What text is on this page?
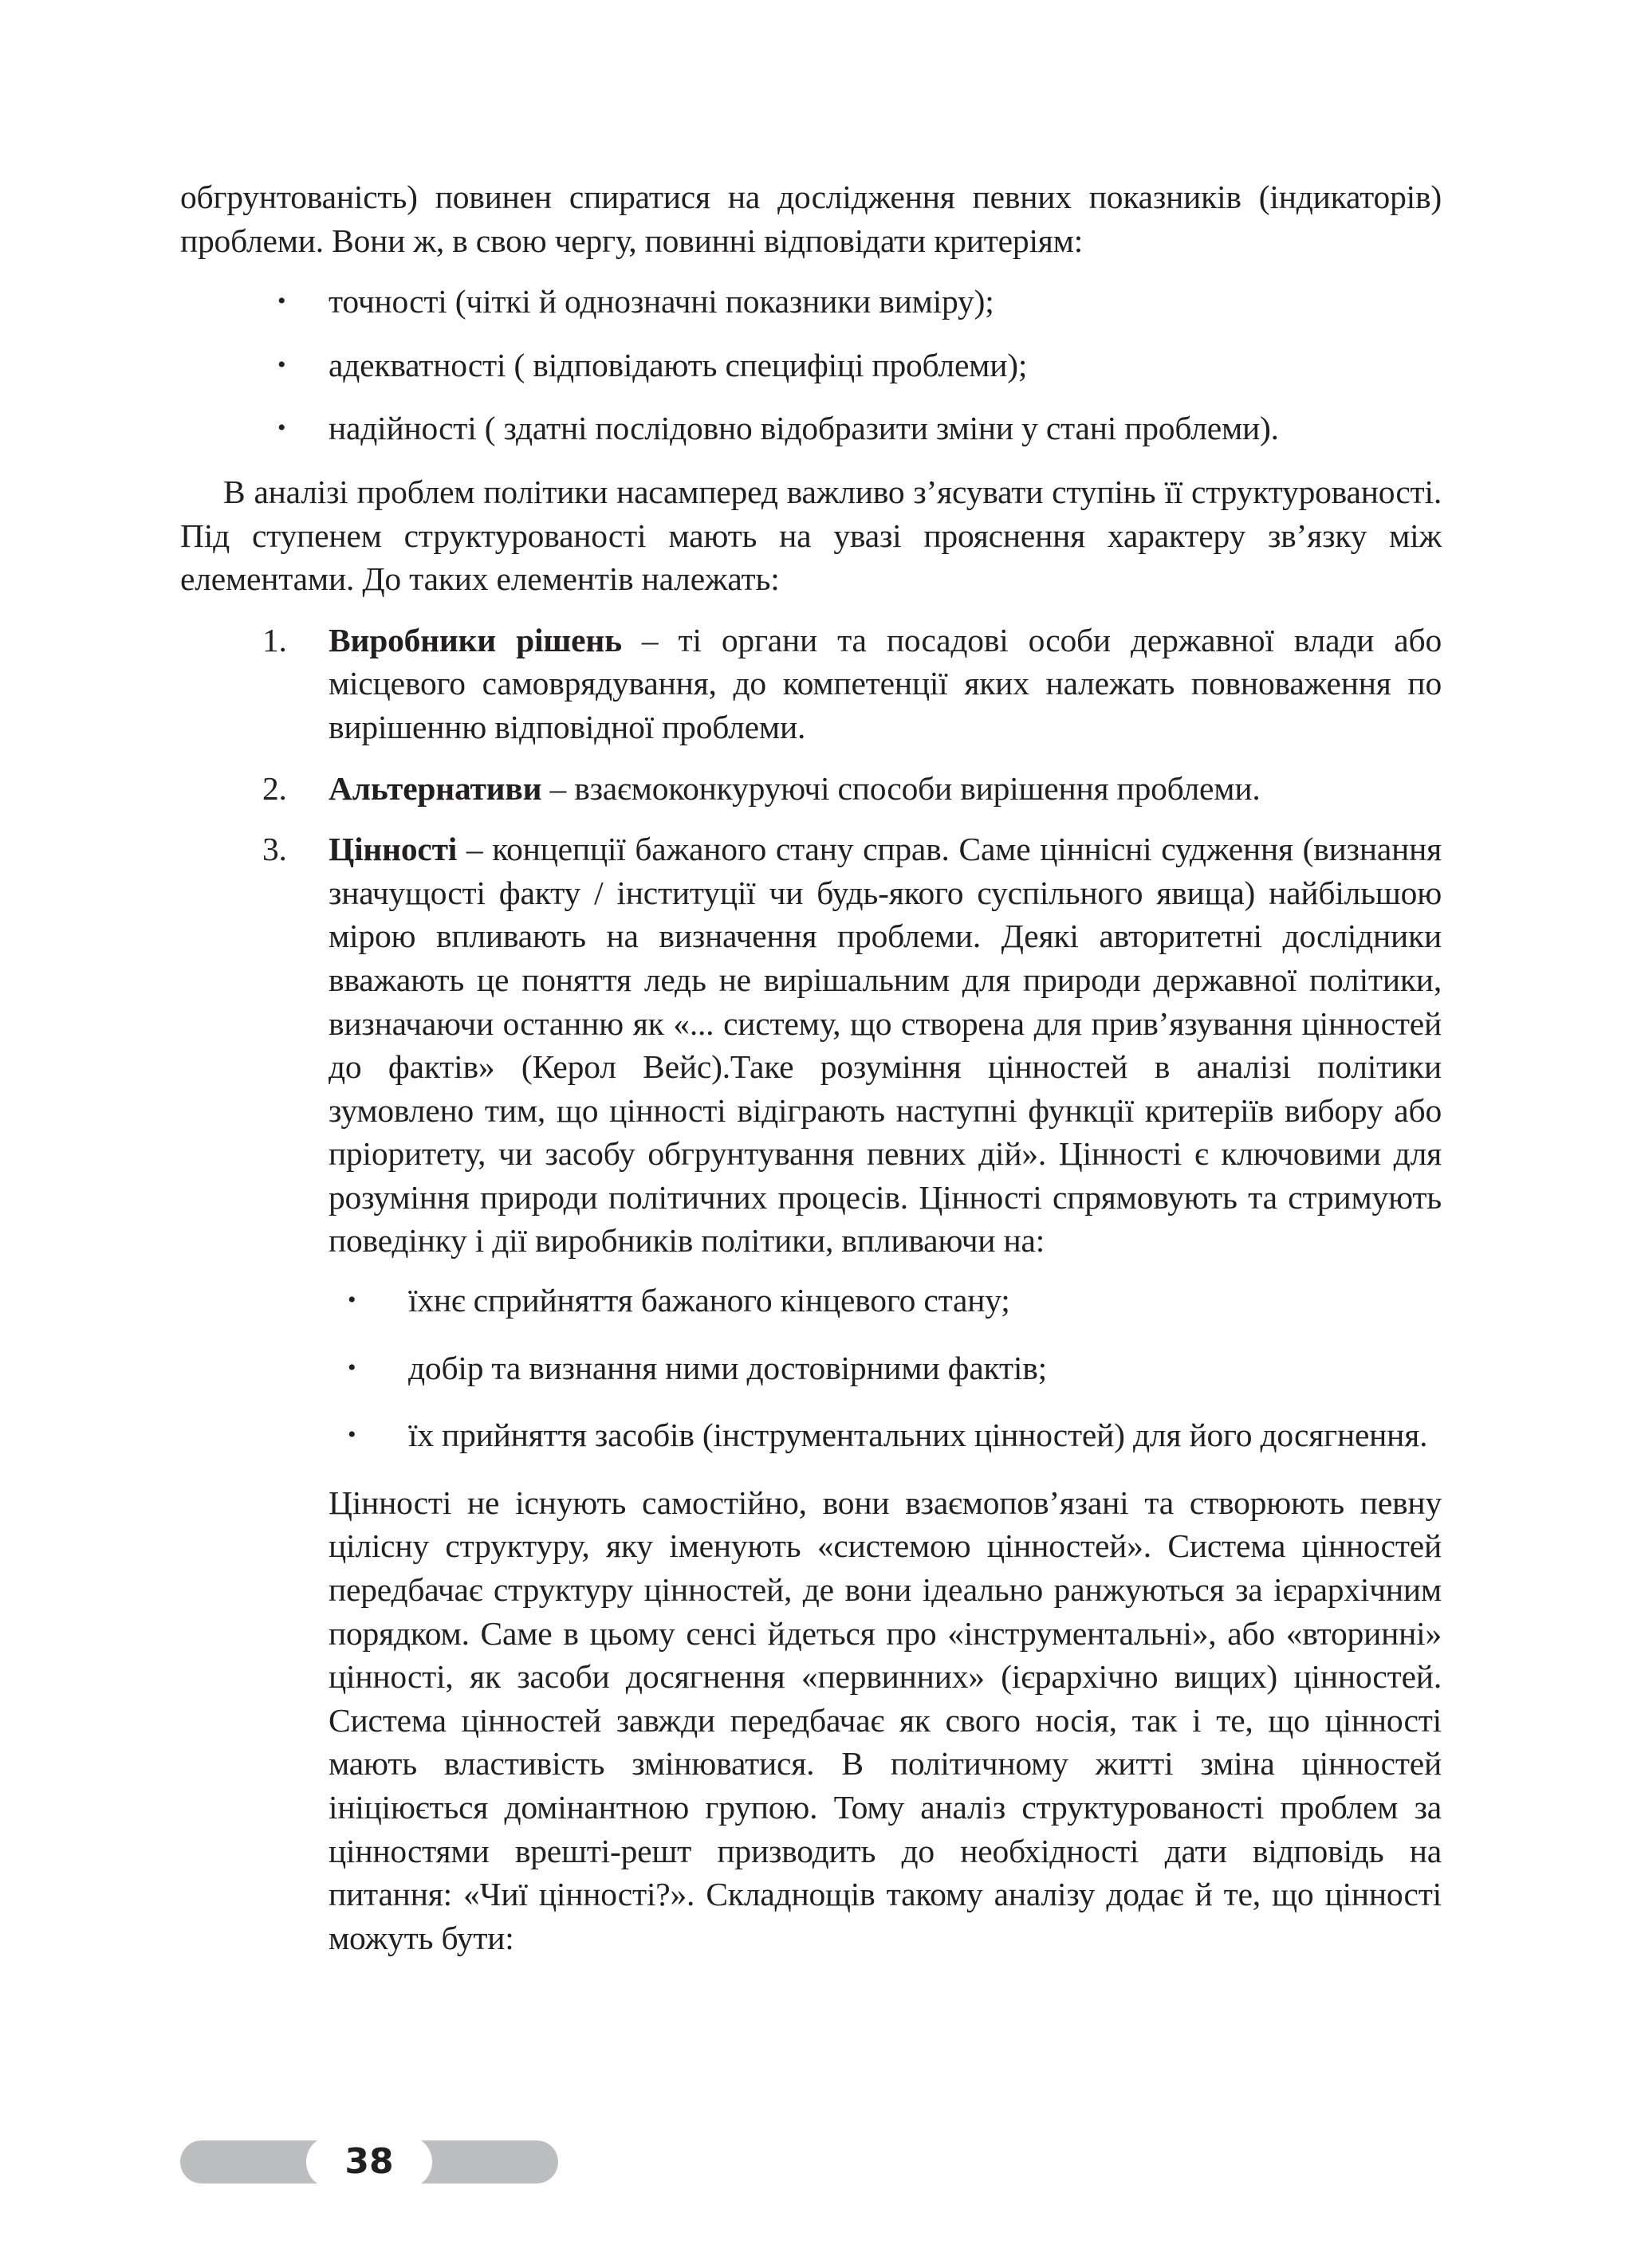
обгрунтованість) повинен спиратися на дослідження певних показників (індикаторів) проблеми. Вони ж, в свою чергу, повинні відповідати критеріям:

• точності (чіткі й однозначні показники виміру);
• адекватності ( відповідають специфіці проблеми);
• надійності ( здатні послідовно відобразити зміни у стані проблеми).

В аналізі проблем політики насамперед важливо з’ясувати ступінь її структурованості. Під ступенем структурованості мають на увазі прояснення характеру зв’язку між елементами. До таких елементів належать:

1. Виробники рішень – ті органи та посадові особи державної влади або місцевого самоврядування, до компетенції яких належать повноваження по вирішенню відповідної проблеми.
2. Альтернативи – взаємоконкуруючі способи вирішення проблеми.
3. Цінності – концепції бажаного стану справ. Саме ціннісні судження (визнання значущості факту / інституції чи будь-якого суспільного явища) найбільшою мірою впливають на визначення проблеми. Деякі авторитетні дослідники вважають це поняття ледь не вирішальним для природи державної політики, визначаючи останню як «... систему, що створена для прив’язування цінностей до фактів» (Керол Вейс).Таке розуміння цінностей в аналізі політики зумовлено тим, що цінності відіграють наступні функції критеріїв вибору або пріоритету, чи засобу обгрунтування певних дій». Цінності є ключовими для розуміння природи політичних процесів. Цінності спрямовують та стримують поведінку і дії виробників політики, впливаючи на:
• їхнє сприйняття бажаного кінцевого стану;
• добір та визнання ними достовірними фактів;
• їх прийняття засобів (інструментальних цінностей) для його досягнення.

Цінності не існують самостійно, вони взаємопов’язані та створюють певну цілісну структуру, яку іменують «системою цінностей». Система цінностей передбачає структуру цінностей, де вони ідеально ранжуються за ієрархічним порядком. Саме в цьому сенсі йдеться про «інструментальні», або «вторинні» цінності, як засоби досягнення «первинних» (ієрархічно вищих) цінностей. Система цінностей завжди передбачає як свого носія, так і те, що цінності мають властивість змінюватися. В політичному житті зміна цінностей ініціюється домінантною групою. Тому аналіз структурованості проблем за цінностями врешті-решт призводить до необхідності дати відповідь на питання: «Чиї цінності?». Складнощів такому аналізу додає й те, що цінності можуть бути:

38
